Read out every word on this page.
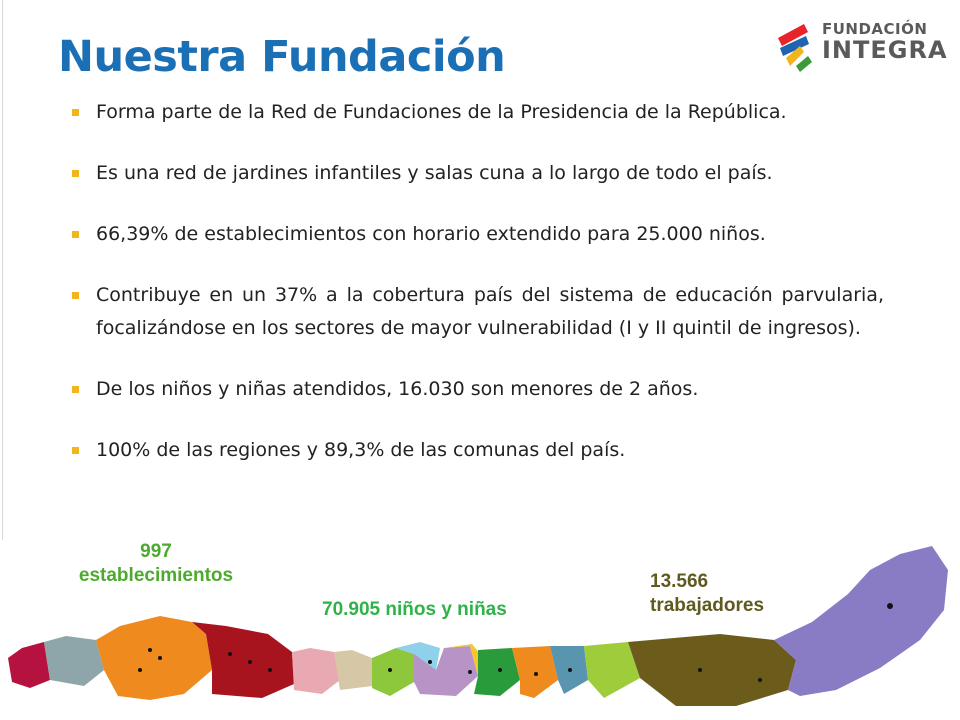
Nuestra Fundación
FUNDACIÓN
INTEGRA
Forma parte de la Red de Fundaciones de la Presidencia de la República.
Es una red de jardines infantiles y salas cuna a lo largo de todo el país.
66,39% de establecimientos con horario extendido para 25.000 niños.
Contribuye en un 37% a la cobertura país del sistema de educación parvularia, focalizándose en los sectores de mayor vulnerabilidad (I y II quintil de ingresos).
De los niños y niñas atendidos, 16.030 son menores de 2 años.
100% de las regiones y 89,3% de las comunas del país.
997
establecimientos
70.905 niños y niñas
13.566
trabajadores
